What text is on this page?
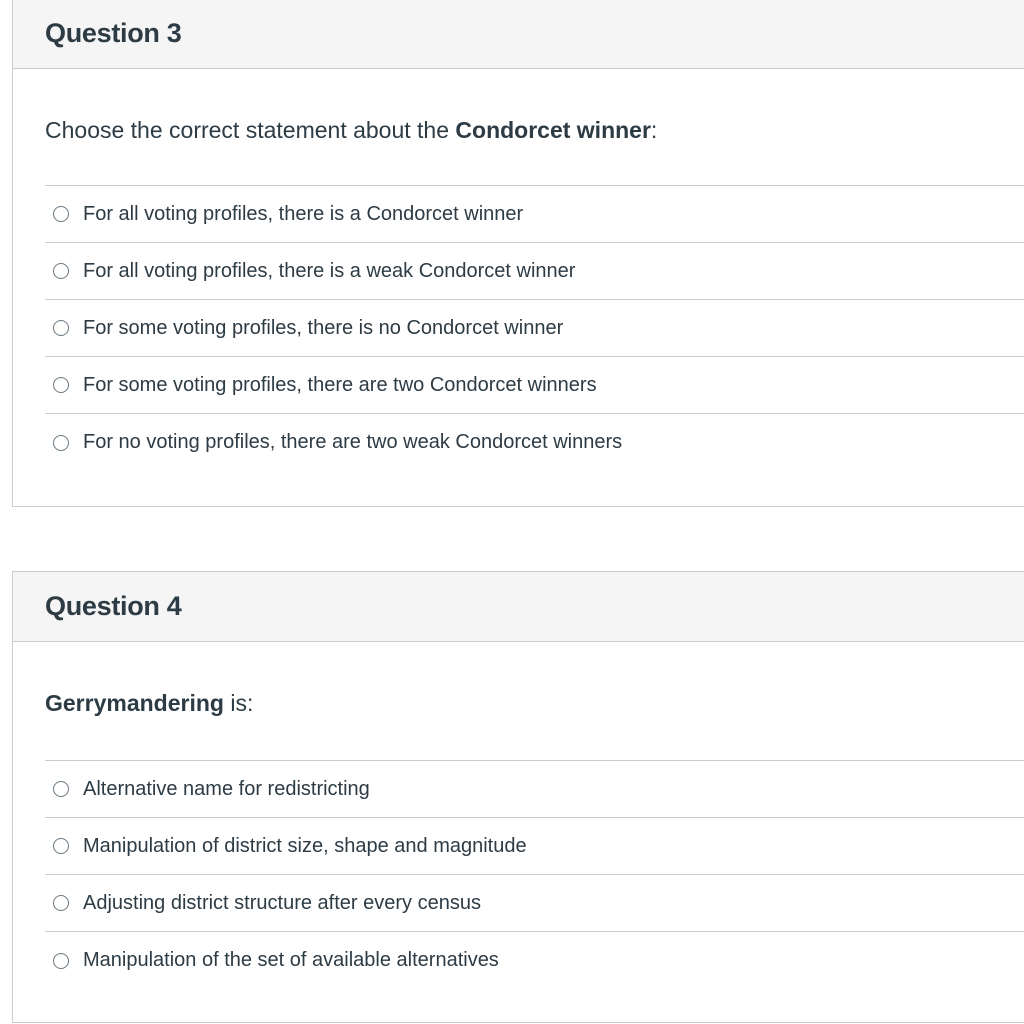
Question 3
Choose the correct statement about the Condorcet winner:
For all voting profiles, there is a Condorcet winner
For all voting profiles, there is a weak Condorcet winner
For some voting profiles, there is no Condorcet winner
For some voting profiles, there are two Condorcet winners
For no voting profiles, there are two weak Condorcet winners
Question 4
Gerrymandering is:
Alternative name for redistricting
Manipulation of district size, shape and magnitude
Adjusting district structure after every census
Manipulation of the set of available alternatives
